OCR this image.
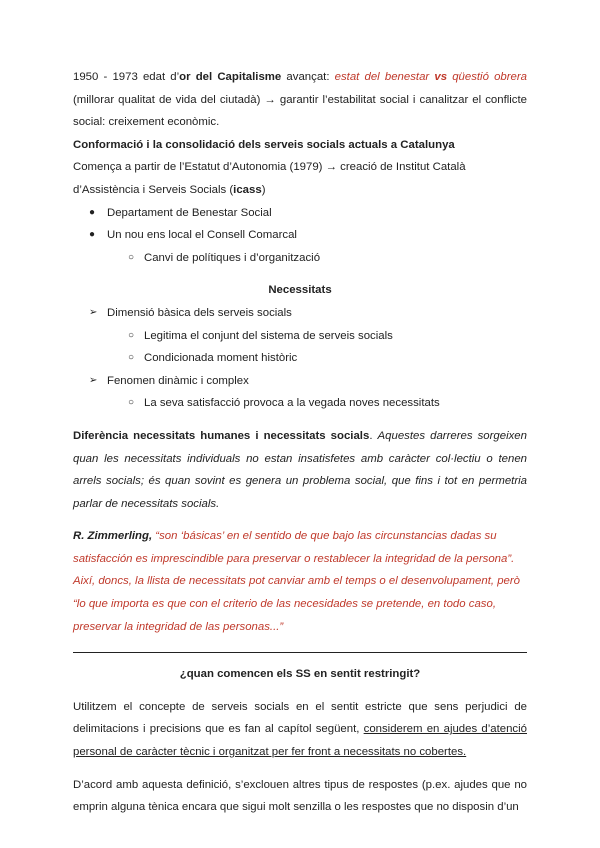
1950 - 1973 edat d’or del Capitalisme avançat: estat del benestar vs qüestió obrera (millorar qualitat de vida del ciutadà) → garantir l’estabilitat social i canalitzar el conflicte social: creixement econòmic.

Conformació i la consolidació dels serveis socials actuals a Catalunya

Comença a partir de l’Estatut d’Autonomia (1979) → creació de Institut Català d’Assistència i Serveis Socials (icass)

● Departament de Benestar Social
● Un nou ens local el Consell Comarcal
○ Canvi de polítiques i d’organització

Necessitats

➢ Dimensió bàsica dels serveis socials
○ Legitima el conjunt del sistema de serveis socials
○ Condicionada moment històric
➢ Fenomen dinàmic i complex
○ La seva satisfacció provoca a la vegada noves necessitats

Diferència necessitats humanes i necessitats socials. Aquestes darreres sorgeixen quan les necessitats individuals no estan insatisfetes amb caràcter col·lectiu o tenen arrels socials; és quan sovint es genera un problema social, que fins i tot en permetria parlar de necessitats socials.

R. Zimmerling, “son ‘básicas’ en el sentido de que bajo las circunstancias dadas su satisfacción es imprescindible para preservar o restablecer la integridad de la persona”. Així, doncs, la llista de necessitats pot canviar amb el temps o el desenvolupament, però “lo que importa es que con el criterio de las necesidades se pretende, en todo caso, preservar la integridad de las personas...”

¿quan comencen els SS en sentit restringit?

Utilitzem el concepte de serveis socials en el sentit estricte que sens perjudici de delimitacions i precisions que es fan al capítol següent, considerem en ajudes d’atenció personal de caràcter tècnic i organitzat per fer front a necessitats no cobertes.

D’acord amb aquesta definició, s’exclouen altres tipus de respostes (p.ex. ajudes que no emprin alguna tènica encara que sigui molt senzilla o les respostes que no disposin d’un
